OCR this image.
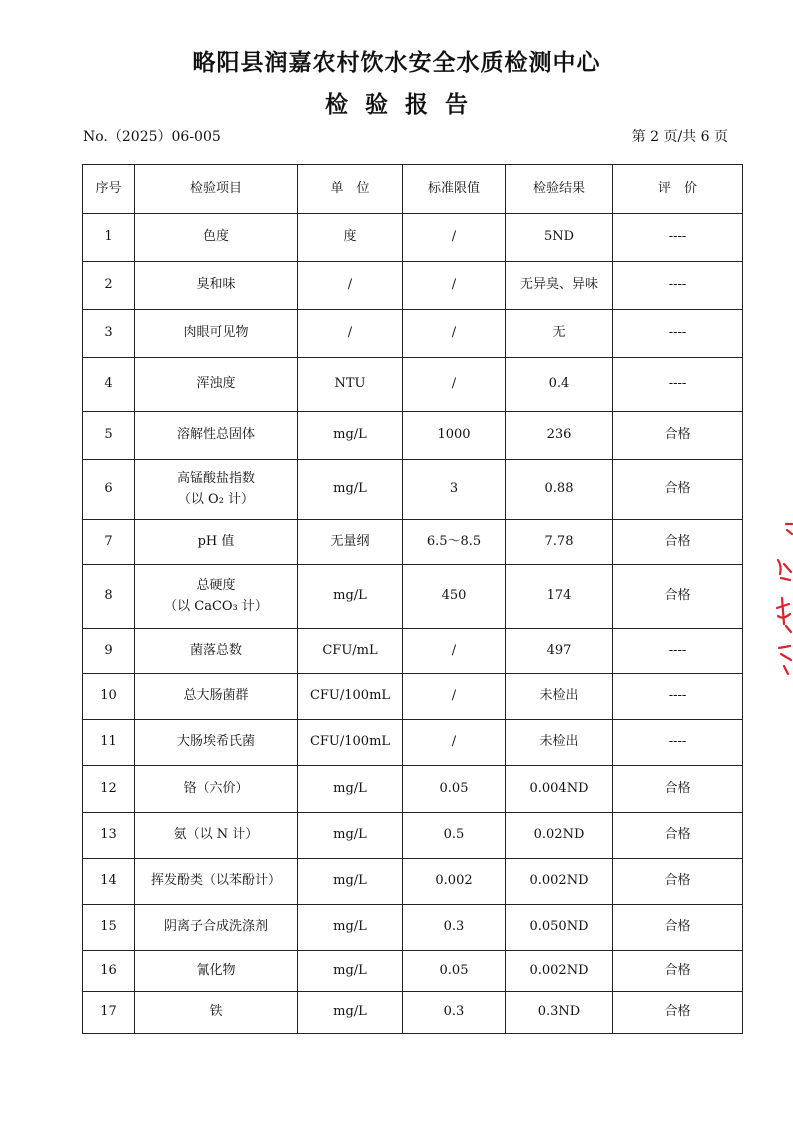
略阳县润嘉农村饮水安全水质检测中心
检验报告
No.（2025）06-005	第 2 页/共 6 页
序号	检验项目	单　位	标准限值	检验结果	评　价
1	色度	度	/	5ND	----
2	臭和味	/	/	无异臭、异味	----
3	肉眼可见物	/	/	无	----
4	浑浊度	NTU	/	0.4	----
5	溶解性总固体	mg/L	1000	236	合格
6	高锰酸盐指数
（以 O₂ 计）	mg/L	3	0.88	合格
7	pH 值	无量纲	6.5～8.5	7.78	合格
8	总硬度
（以 CaCO₃ 计）	mg/L	450	174	合格
9	菌落总数	CFU/mL	/	497	----
10	总大肠菌群	CFU/100mL	/	未检出	----
11	大肠埃希氏菌	CFU/100mL	/	未检出	----
12	铬（六价）	mg/L	0.05	0.004ND	合格
13	氨（以 N 计）	mg/L	0.5	0.02ND	合格
14	挥发酚类（以苯酚计）	mg/L	0.002	0.002ND	合格
15	阴离子合成洗涤剂	mg/L	0.3	0.050ND	合格
16	氰化物	mg/L	0.05	0.002ND	合格
17	铁	mg/L	0.3	0.3ND	合格
